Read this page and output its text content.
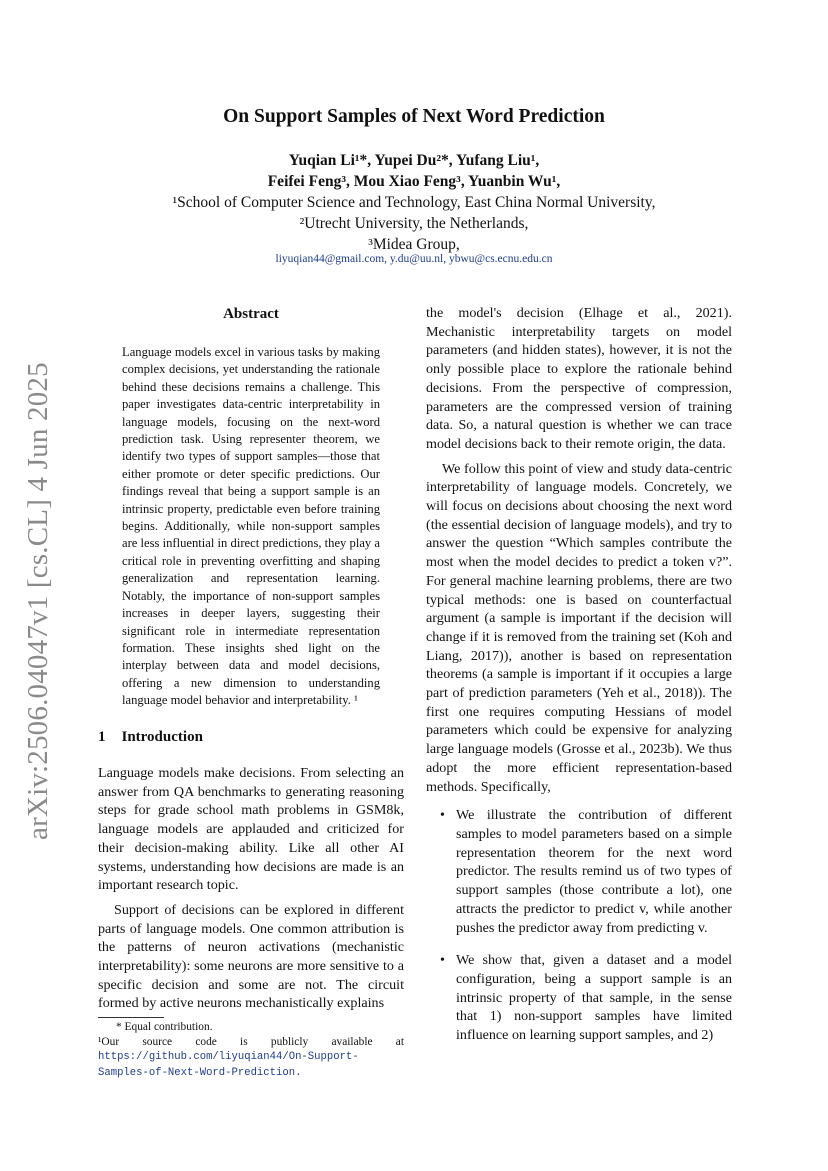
arXiv:2506.04047v1 [cs.CL] 4 Jun 2025
On Support Samples of Next Word Prediction
Yuqian Li¹*, Yupei Du²*, Yufang Liu¹,
Feifei Feng³, Mou Xiao Feng³, Yuanbin Wu¹,
¹School of Computer Science and Technology, East China Normal University,
²Utrecht University, the Netherlands,
³Midea Group,
liyuqian44@gmail.com, y.du@uu.nl, ybwu@cs.ecnu.edu.cn
Abstract

Language models excel in various tasks by making complex decisions, yet understanding the rationale behind these decisions remains a challenge. This paper investigates data-centric interpretability in language models, focusing on the next-word prediction task. Using representer theorem, we identify two types of support samples—those that either promote or deter specific predictions. Our findings reveal that being a support sample is an intrinsic property, predictable even before training begins. Additionally, while non-support samples are less influential in direct predictions, they play a critical role in preventing overfitting and shaping generalization and representation learning. Notably, the importance of non-support samples increases in deeper layers, suggesting their significant role in intermediate representation formation. These insights shed light on the interplay between data and model decisions, offering a new dimension to understanding language model behavior and interpretability. ¹

1 Introduction

Language models make decisions. From selecting an answer from QA benchmarks to generating reasoning steps for grade school math problems in GSM8k, language models are applauded and criticized for their decision-making ability. Like all other AI systems, understanding how decisions are made is an important research topic.

Support of decisions can be explored in different parts of language models. One common attribution is the patterns of neuron activations (mechanistic interpretability): some neurons are more sensitive to a specific decision and some are not. The circuit formed by active neurons mechanistically explains

the model's decision (Elhage et al., 2021). Mechanistic interpretability targets on model parameters (and hidden states), however, it is not the only possible place to explore the rationale behind decisions. From the perspective of compression, parameters are the compressed version of training data. So, a natural question is whether we can trace model decisions back to their remote origin, the data.

We follow this point of view and study data-centric interpretability of language models. Concretely, we will focus on decisions about choosing the next word (the essential decision of language models), and try to answer the question “Which samples contribute the most when the model decides to predict a token v?”. For general machine learning problems, there are two typical methods: one is based on counterfactual argument (a sample is important if the decision will change if it is removed from the training set (Koh and Liang, 2017)), another is based on representation theorems (a sample is important if it occupies a large part of prediction parameters (Yeh et al., 2018)). The first one requires computing Hessians of model parameters which could be expensive for analyzing large language models (Grosse et al., 2023b). We thus adopt the more efficient representation-based methods. Specifically,

• We illustrate the contribution of different samples to model parameters based on a simple representation theorem for the next word predictor. The results remind us of two types of support samples (those contribute a lot), one attracts the predictor to predict v, while another pushes the predictor away from predicting v.
• We show that, given a dataset and a model configuration, being a support sample is an intrinsic property of that sample, in the sense that 1) non-support samples have limited influence on learning support samples, and 2)
* Equal contribution.
¹Our source code is publicly available at https://github.com/liyuqian44/On-Support-Samples-of-Next-Word-Prediction.
